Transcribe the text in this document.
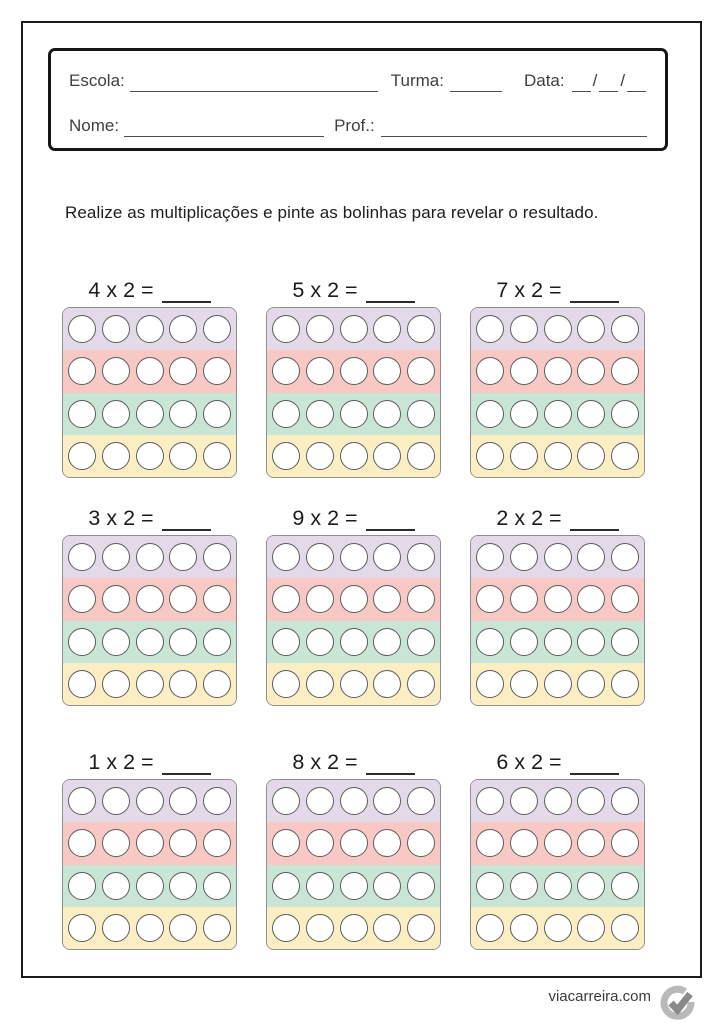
Escola:	Turma:	Data: / /
Nome:	Prof.:
Realize as multiplicações e pinte as bolinhas para revelar o resultado.
4 x 2 =	5 x 2 =	7 x 2 =
3 x 2 =	9 x 2 =	2 x 2 =
1 x 2 =	8 x 2 =	6 x 2 =
viacarreira.com
